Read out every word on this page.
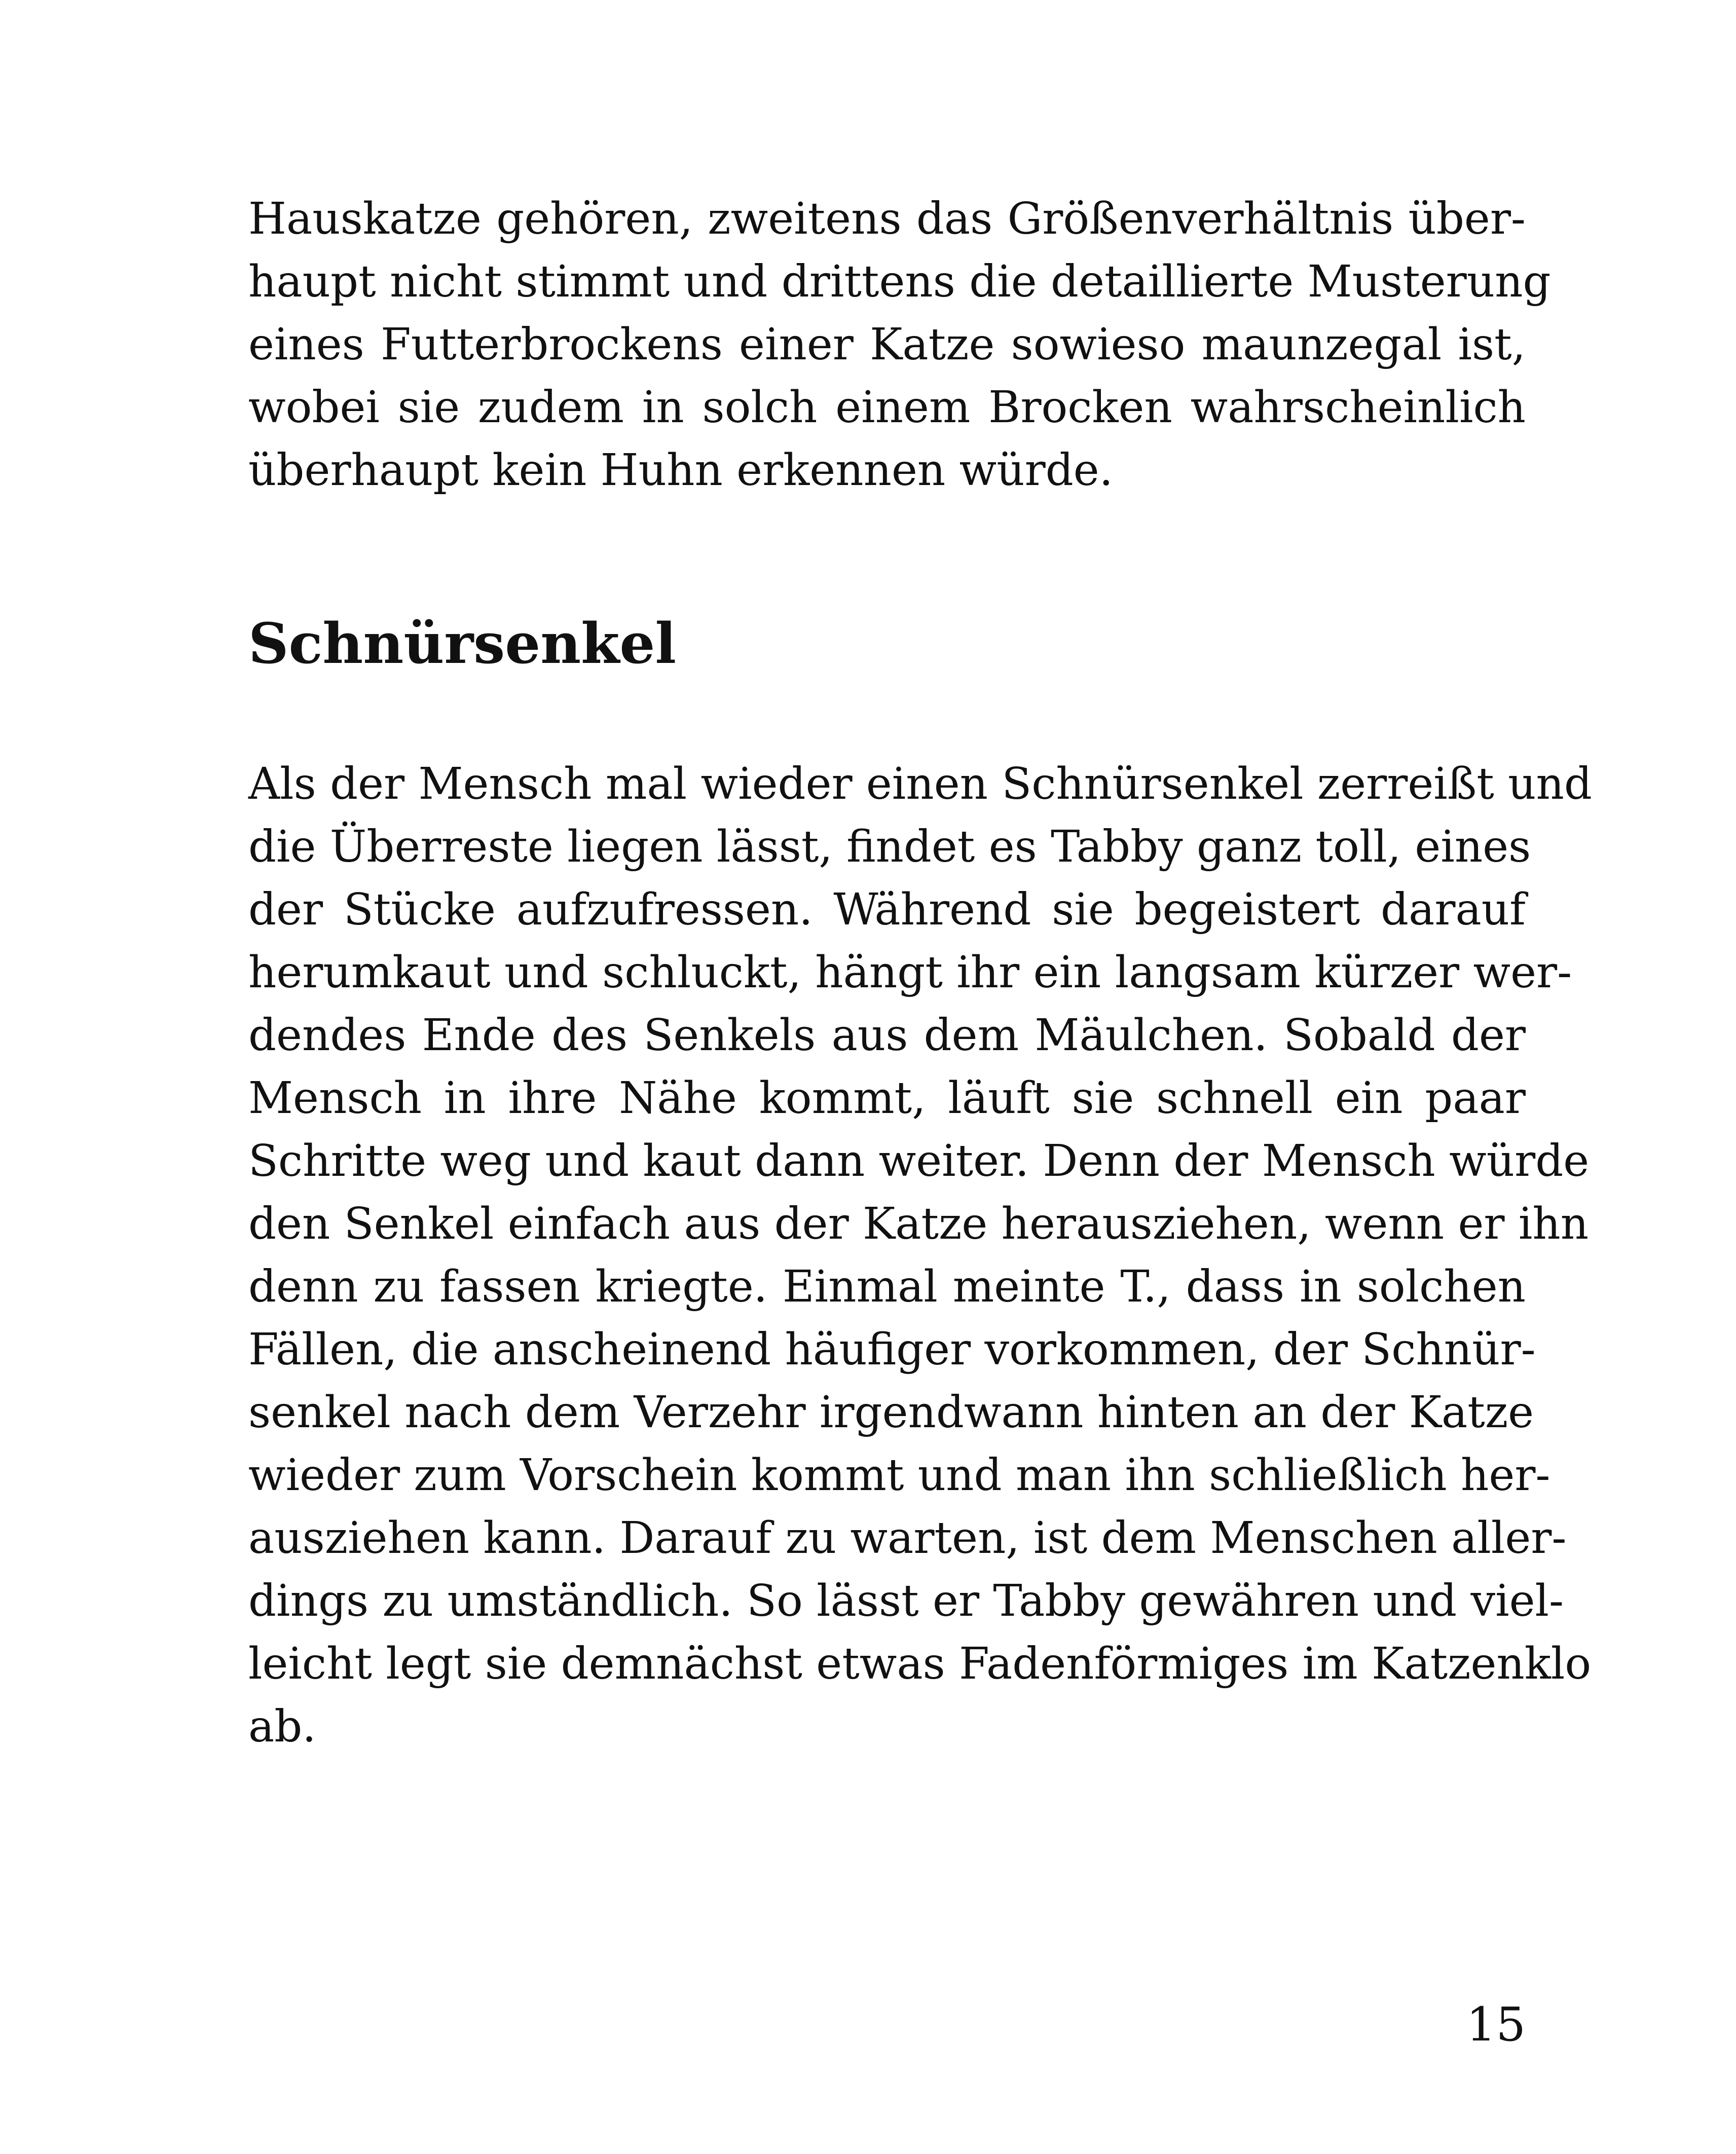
Hauskatze gehören, zweitens das Größenverhältnis über-
haupt nicht stimmt und drittens die detaillierte Musterung
eines Futterbrockens einer Katze sowieso maunzegal ist,
wobei sie zudem in solch einem Brocken wahrscheinlich
überhaupt kein Huhn erkennen würde.
Schnürsenkel
Als der Mensch mal wieder einen Schnürsenkel zerreißt und
die Überreste liegen lässt, findet es Tabby ganz toll, eines
der Stücke aufzufressen. Während sie begeistert darauf
herumkaut und schluckt, hängt ihr ein langsam kürzer wer-
dendes Ende des Senkels aus dem Mäulchen. Sobald der
Mensch in ihre Nähe kommt, läuft sie schnell ein paar
Schritte weg und kaut dann weiter. Denn der Mensch würde
den Senkel einfach aus der Katze herausziehen, wenn er ihn
denn zu fassen kriegte. Einmal meinte T., dass in solchen
Fällen, die anscheinend häufiger vorkommen, der Schnür-
senkel nach dem Verzehr irgendwann hinten an der Katze
wieder zum Vorschein kommt und man ihn schließlich her-
ausziehen kann. Darauf zu warten, ist dem Menschen aller-
dings zu umständlich. So lässt er Tabby gewähren und viel-
leicht legt sie demnächst etwas Fadenförmiges im Katzenklo
ab.
15
